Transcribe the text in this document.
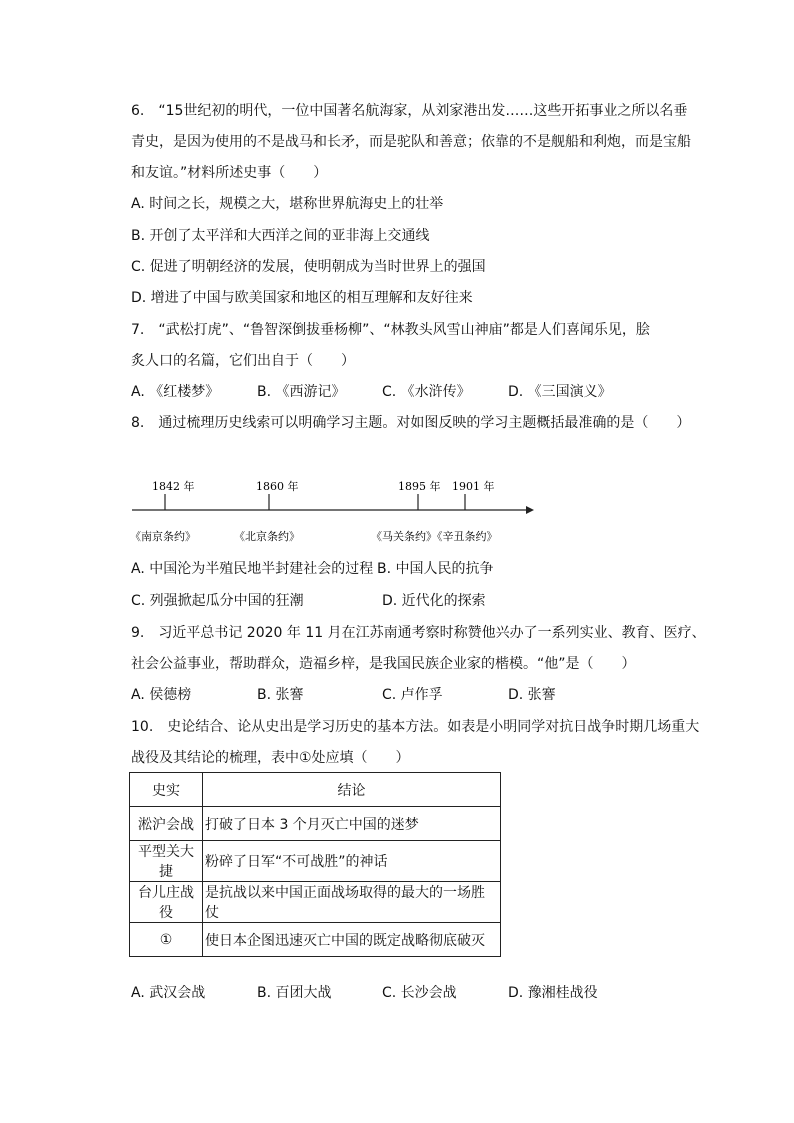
6.　“15世纪初的明代，一位中国著名航海家，从刘家港出发……这些开拓事业之所以名垂
青史，是因为使用的不是战马和长矛，而是驼队和善意；依靠的不是舰船和利炮，而是宝船
和友谊。”材料所述史事（　　）
A. 时间之长，规模之大，堪称世界航海史上的壮举
B. 开创了太平洋和大西洋之间的亚非海上交通线
C. 促进了明朝经济的发展，使明朝成为当时世界上的强国
D. 增进了中国与欧美国家和地区的相互理解和友好往来
7.　“武松打虎”、“鲁智深倒拔垂杨柳”、“林教头风雪山神庙”都是人们喜闻乐见，脍
炙人口的名篇，它们出自于（　　）
A. 《红楼梦》	B. 《西游记》	C. 《水浒传》	D. 《三国演义》
8.　通过梳理历史线索可以明确学习主题。对如图反映的学习主题概括最准确的是（　　）
1842 年	1860 年	1895 年 1901 年
《南京条约》	《北京条约》	《马关条约》《辛丑条约》
A. 中国沦为半殖民地半封建社会的过程 B. 中国人民的抗争
C. 列强掀起瓜分中国的狂潮	D. 近代化的探索
9.　习近平总书记 2020 年 11 月在江苏南通考察时称赞他兴办了一系列实业、教育、医疗、
社会公益事业，帮助群众，造福乡梓，是我国民族企业家的楷模。“他”是（　　）
A. 侯德榜	B. 张謇	C. 卢作孚	D. 张謇
10.　史论结合、论从史出是学习历史的基本方法。如表是小明同学对抗日战争时期几场重大
战役及其结论的梳理，表中①处应填（　　）
史实	结论
淞沪会战	打破了日本 3 个月灭亡中国的迷梦
平型关大捷	粉碎了日军“不可战胜”的神话
台儿庄战役	是抗战以来中国正面战场取得的最大的一场胜仗
①	使日本企图迅速灭亡中国的既定战略彻底破灭
A. 武汉会战	B. 百团大战	C. 长沙会战	D. 豫湘桂战役
